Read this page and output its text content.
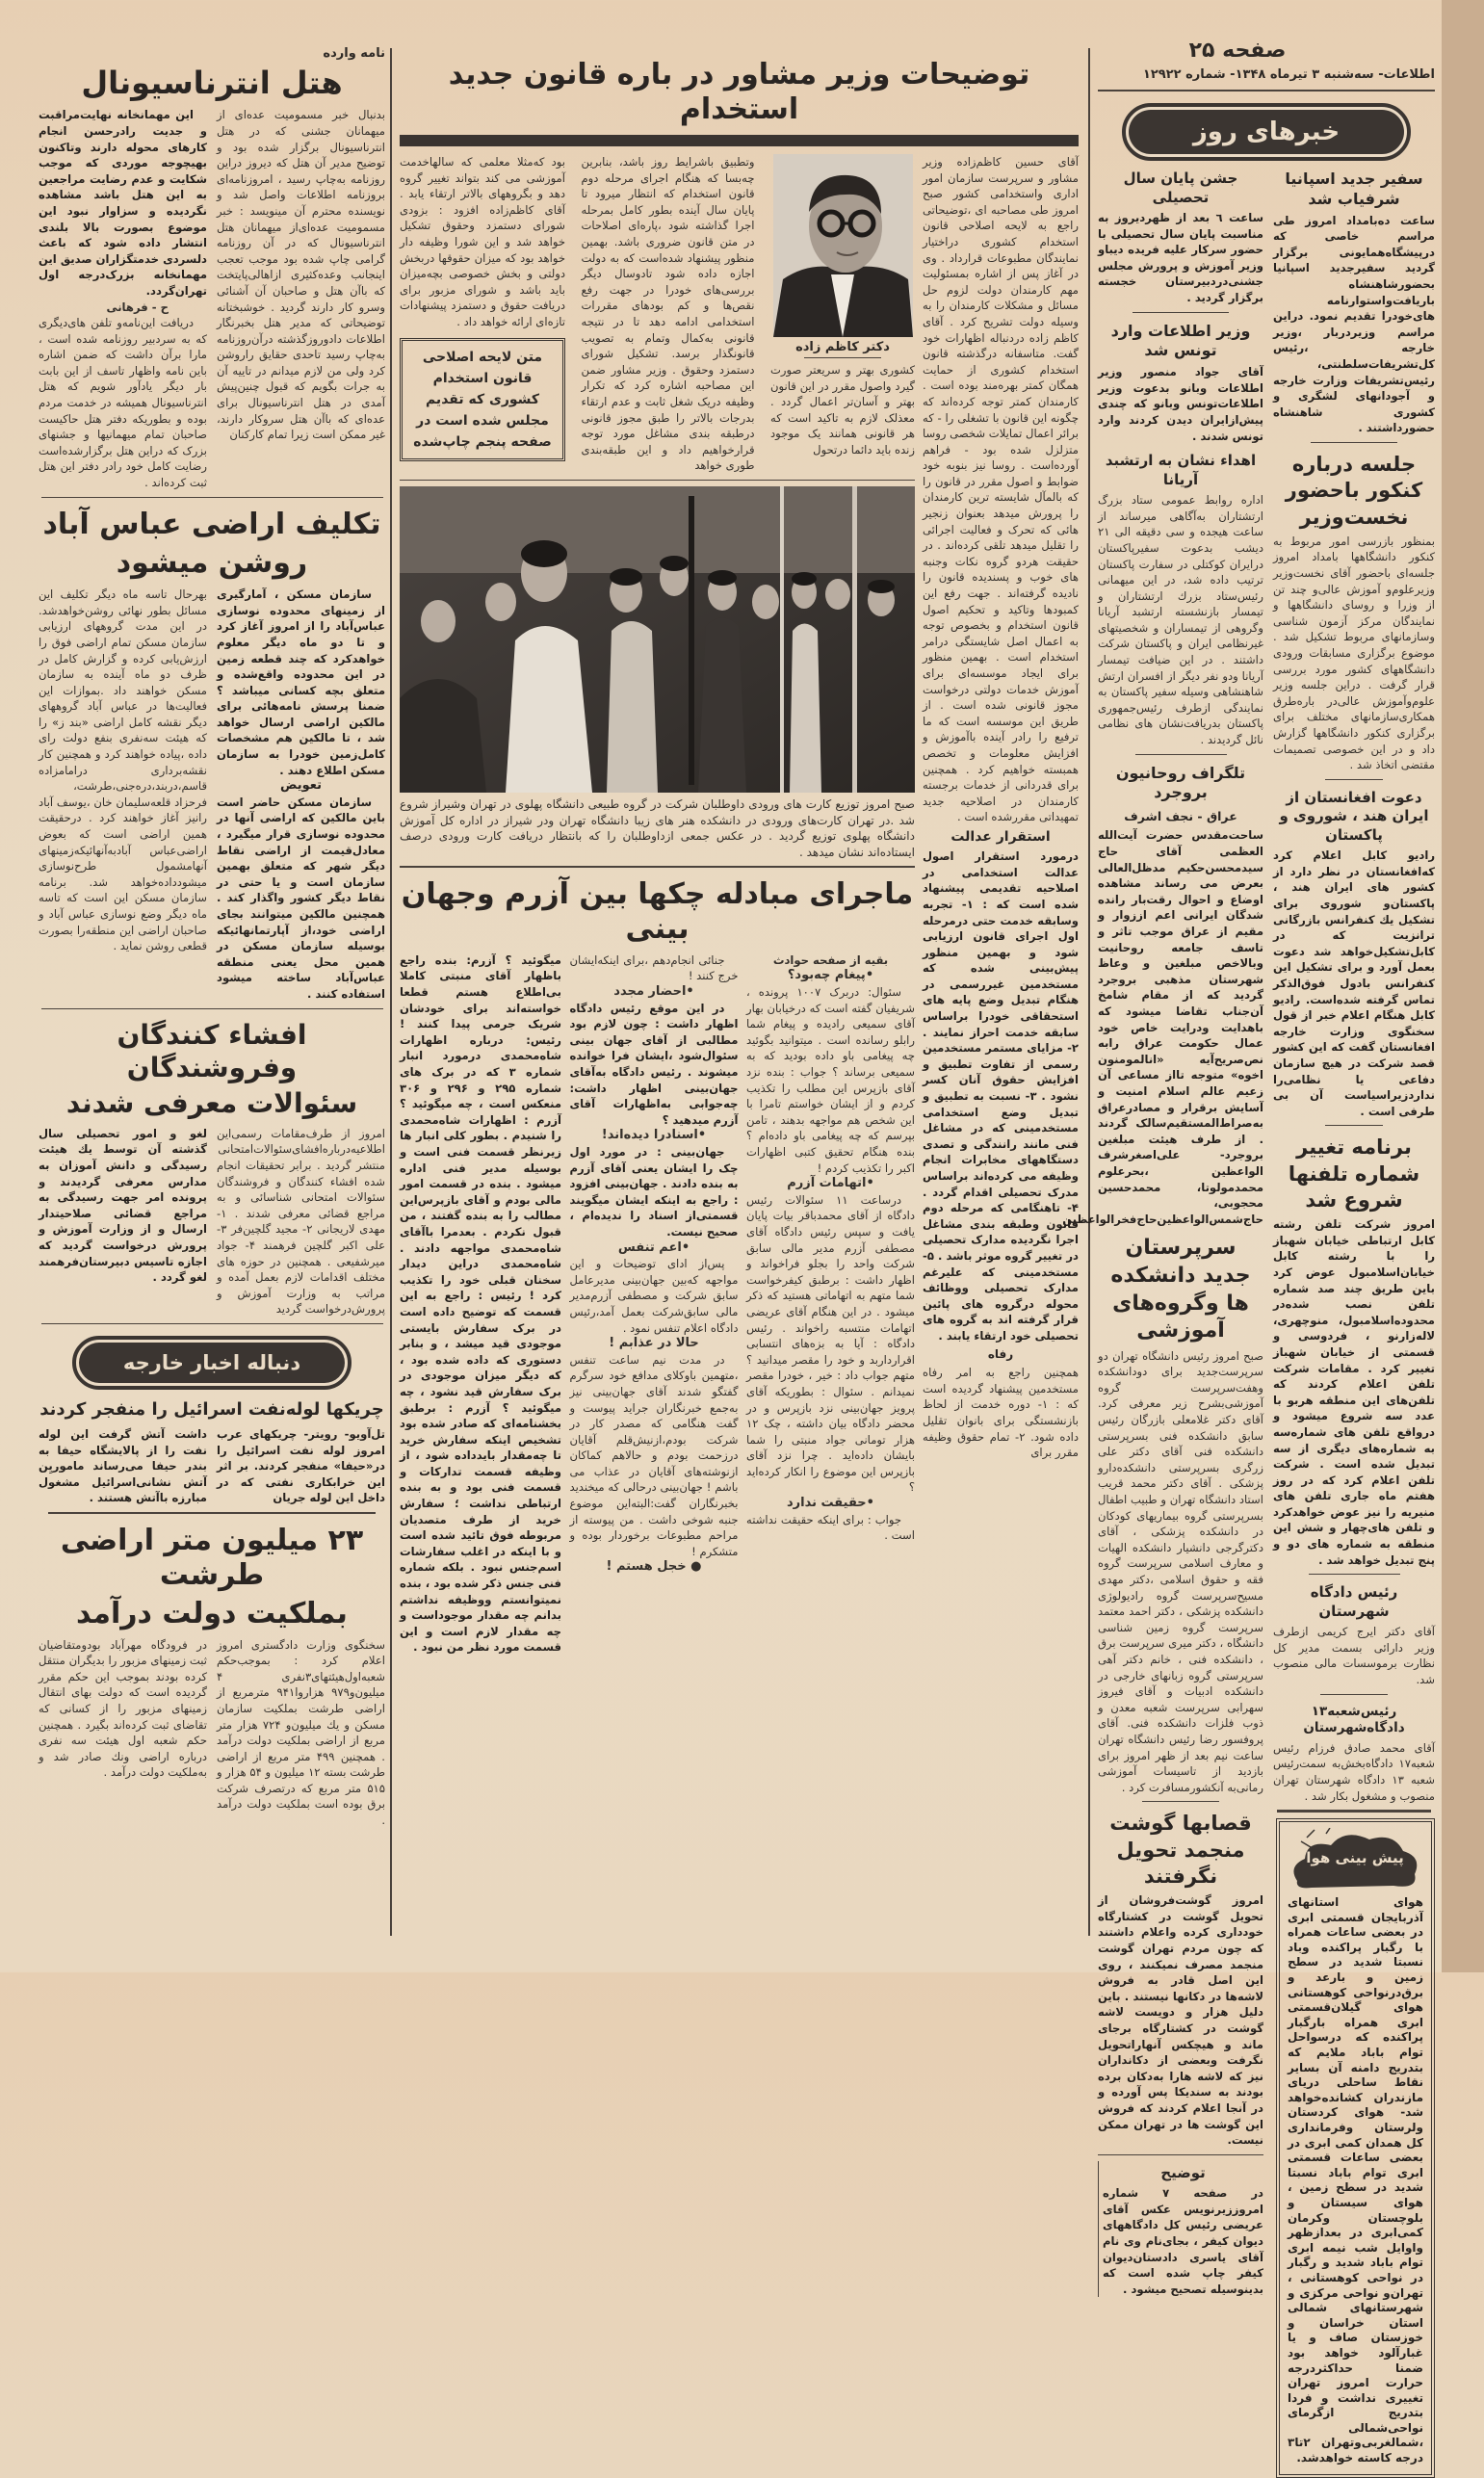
نامه وارده
هتل انترناسیونال
بدنبال خبر مسمومیت عده‌ای از میهمانان جشنی که در هتل انترناسیونال برگزار شده بود و توضیح مدیر آن هتل که دیروز دراین روزنامه به‌چاپ رسید ، امروزنامه‌ای بروزنامه اطلاعات واصل شد و نویسنده محترم آن مینویسد : خبر مسمومیت عده‌ای‌از میهمانان هتل انترناسیونال که در آن روزنامه گرامی چاپ شده بود موجب تعجب اینجانب وعده‌کثیری ازاهالی‌پایتخت که باآن هتل و صاحبان آن آشنائی وسرو کار دارند گردید . خوشبختانه توضیحاتی که مدیر هتل بخبرنگار اطلاعات دادوروزگذشته درآن‌روزنامه به‌چاپ رسید تاحدی حقایق راروشن کرد ولی من لازم میدانم در تاییه آن به جرات بگویم که قبول چنین‌پیش‌ آمدی در هتل انترناسیونال برای عده‌ای که باآن هتل سروکار دارند، غیر ممکن است زیرا تمام کارکنان

این مهمانخانه نهایت‌مراقبت و جدیت رادرحسن انجام کارهای محوله دارند وتاکنون بهیچوجه موردی که موجب شکایت و عدم رضایت مراجعین به این هتل باشد مشاهده نگردیده و سزاوار نبود این موضوع بصورت بالا بلندی انتشار داده شود که باعث دلسردی خدمتگزاران صدیق این مهمانخانه بزرک‌درجه اول تهران‌گردد.

ح - فرهانی

دریافت این‌نامه‌و تلفن های‌دیگری که به سردبیر روزنامه شده است ، مارا برآن داشت که ضمن اشاره باین نامه واظهار تاسف از این بابت بار دیگر یادآور شویم که هتل انترناسیونال همیشه در خدمت مردم بوده و بطوریکه دفتر هتل حاکیست صاحبان تمام میهمانیها و جشنهای بزرک که دراین هتل برگزارشده‌است رضایت کامل خود رادر دفتر این هتل ثبت کرده‌اند .

تکلیف اراضی عباس آباد
روشن میشود

سازمان مسکن ، آمارگیری از زمینهای محدوده نوسازی عباس‌آباد را از امروز آغاز کرد و تا دو ماه دیگر معلوم خواهدکرد که چند قطعه زمین در این محدوده واقع‌شده و متعلق بچه کسانی میباشد ؟ ضمنا پرسش نامه‌هائی برای مالکین اراضی ارسال خواهد شد ، تا مالکین هم مشخصات کامل‌زمین خودرا به سازمان مسکن اطلاع دهند .

تعویض

سازمان مسکن حاضر است باین مالکین که اراضی آنها در محدوده نوسازی قرار میگیرد ، معادل‌قیمت از اراضی نقاط دیگر شهر که متعلق بهمین سازمان است و یا حتی در نقاط دیگر کشور واگذار کند . همچنین مالکین میتوانند بجای اراضی خود،از آپارتمانهائیکه بوسیله سازمان مسکن در همین محل یعنی منطقه عباس‌آباد ساخته میشود استفاده کنند .

بهرحال تاسه ماه دیگر تکلیف این مسائل بطور نهائی روشن‌خواهدشد. در این مدت گروههای ارزیابی سازمان مسکن تمام اراضی فوق را ارزش‌یابی کرده و گزارش کامل در ظرف دو ماه آینده به سازمان مسکن خواهند داد .بموازات این فعالیت‌ها در عباس آباد گروههای دیگر نقشه کامل اراضی «بند ز» را که هیئت سه‌نفری بنفع دولت رای داده ،پیاده خواهند کرد و همچنین کار نقشه‌برداری درامامزاده قاسم،دربند،دره‌جنی،طرشت، فرحزاد قلعه‌سلیمان خان ،یوسف آباد رانیز آغاز خواهند کرد . درحقیقت همین اراضی است که بعوض اراضی‌عباس آبادبه‌آنهائیکه‌زمینهای آنهامشمول طرح‌نوسازی میشودداده‌خواهد شد. برنامه سازمان مسکن این است که تاسه ماه دیگر وضع نوسازی عباس آباد و صاحبان اراضی این منطقه‌را بصورت قطعی روشن نماید .
افشاء کنندگان وفروشندگان
سئوالات معرفی شدند
امروز از طرف‌مقامات رسمی‌این اطلاعیه‌درباره‌افشای‌سئوالات‌امتحانی منتشر گردید . برابر تحقیقات انجام شده افشاء کنندگان و فروشندگان سئوالات امتحانی شناسائی و به مراجع قضائی معرفی شدند . ۱- مهدی لاریجانی ۲- مجید گلچین‌فر ۳- علی اکبر گلچین فرهمند ۴- جواد میرشفیعی . همچنین در حوزه های مختلف اقدامات لازم بعمل آمده و مراتب به وزارت آموزش و پرورش‌درخواست گردید
لغو و امور تحصیلی سال گذشته آن توسط یك هیئت رسیدگی و دانش آموزان به مدارس معرفی گردیدند و پرونده امر جهت رسیدگی به مراجع قضائی صلاحیتدار ارسال و از وزارت آموزش و پرورش درخواست گردید که اجازه تاسیس دبیرستان‌فرهمند لغو گردد .
دنباله اخبار خارجه
چریکها لوله‌نفت اسرائیل را منفجر کردند
تل‌آویو- رویتر- چریکهای عرب امروز لوله نفت اسرائیل را در«حیفا» منفجر کردند. بر اثر این خرابکاری نفتی که در داخل این لوله جریان
داشت آتش گرفت این لوله نفت را از پالایشگاه حیفا به بندر حیفا می‌رساند ماموریِن آتش نشانی‌اسرائیل مشغول مبارزه باآتش هستند .
۲۳ میلیون متر اراضی طرشت
بملکیت دولت درآمد
سخنگوی وزارت دادگستری امروز اعلام کرد : بموجب‌حکم شعبه‌اول‌هیئتهای۳نفری ۴ میلیون‌و۹۷۹ هزاروا۹۴۱ متر‌مربع از اراضی طرشت بملکیت سازمان مسکن و یك میلیون‌و ۷۲۴ هزار متر مربع از اراضی بملکیت دولت درآمد . همچنین ۴۹۹ متر مربع از اراضی طرشت بسته ۱۲ میلیون و ۵۴ هزار و ۵۱۵ متر مربع که درتصرف شرکت برق بوده است بملکیت دولت درآمد .
در فرودگاه مهرآباد بودومتقاضیان ثبت زمینهای مزبور را بدیگران منتقل کرده بودند بموجب این حکم مقرر گردیده است که دولت بهای انتقال زمینهای مزبور را از کسانی که تقاضای ثبت کرده‌اند بگیرد . همچنین حکم شعبه اول هیئت سه نفری درباره اراضی ونك صادر شد و به‌ملکیت دولت درآمد .
توضیحات وزیر مشاور در باره قانون جدید استخدام
آقای حسین کاظم‌زاده وزیر مشاور و سرپرست سازمان امور اداری واستخدامی کشور صبح امروز طی مصاحبه ای ،توضیحاتی راجع به لایحه اصلاحی قانون استخدام کشوری دراختیار نمایندگان مطبوعات قرارداد . وی در آغاز پس از اشاره بمسئولیت مهم کارمندان دولت لزوم حل مسائل و مشکلات کارمندان را به وسیله دولت تشریح کرد . آقای کاظم زاده دردنباله اظهارات خود گفت. متاسفانه درگذشته قانون استخدام کشوری از حمایت همگان کمتر بهره‌مند بوده است . کارمندان کمتر توجه کرده‌اند که چگونه این قانون با تشغلی را - که برائر اعمال تمایلات شخصی روسا متزلزل شده بود - فراهم آورده‌است . روسا نیز بنوبه خود ضوابط و اصول مقرر در قانون را که بالمآل شایسته ترین کارمندان را پرورش میدهد بعنوان زنجیر هائی که تحرک و فعالیت اجرائی را تقلیل میدهد تلقی کرده‌اند . در حقیقت هردو گروه نکات وجنبه های خوب و پسندیده قانون را نادیده گرفته‌اند . جهت رفع این کمبودها وتاکید و تحکیم اصول قانون استخدام و بخصوص توجه به اعمال اصل شایستگی درامر استخدام است . بهمین منظور برای ایجاد موسسه‌ای برای آموزش خدمات دولتی درخواست مجوز قانونی شده است . از طریق این موسسه است که ما ترفیع را رادر آینده باآموزش و افزایش معلومات و تخصص همبسته خواهیم کرد . همچنین برای قدردانی از خدمات برجسته کارمندان در اصلاحیه جدید تمهیداتی مقررشده است .
استقرار عدالت
درمورد استقرار اصول عدالت استخدامی در اصلاحیه تقدیمی پیشنهاد شده است که : ۱- تجربه وسابقه خدمت حتی درمرحله اول اجرای قانون ارزیابی شود و بهمین منظور پیش‌بینی شده که مستخدمین غیررسمی در هنگام تبدیل وضع پایه های استحقاقی خودرا براساس سابقه خدمت احراز نمایند . ۲- مزایای مستمر مستخدمین رسمی از تفاوت تطبیق و افزایش حقوق آنان کسر نشود . ۳- نسبت به تطبیق و تبدیل وضع استخدامی مستخدمینی که در مشاغل فنی مانند رانندگی و تصدی دستگاههای مخابرات انجام وظیفه می کرده‌اند براساس مدرک تحصیلی اقدام گردد . ۴- تاهنگامی که مرحله دوم قانون وطبقه بندی مشاغل اجرا نگردیده مدارک تحصیلی در تغییر گروه موثر باشد . ۵- مستخدمینی که علیرغم مدارک تحصیلی ووظائف محوله درگروه های پائین قرار گرفته اند به گروه های تحصیلی خود ارتقاء یابند .
رفاه
همچنین راجع به امر رفاه مستخدمین پیشنهاد گردیده است که : ۱- دوره خدمت از لحاظ بازنشستگی برای بانوان تقلیل داده شود. ۲- تمام حقوق وظیفه مقرر برای
دکتر کاظم زاده
کشوری بهتر و سریعتر صورت گیرد واصول مقرر در این قانون بهتر و آسان‌تر اعمال گردد . معذلک لازم به تاکید است که هر قانونی همانند یک موجود زنده باید دائما درتحول
وتطبیق باشرایط روز باشد، بنابرین چه‌بسا که هنگام اجرای مرحله دوم قانون استخدام که انتظار میرود تا پایان سال آینده بطور کامل بمرحله اجرا گذاشته شود ،پاره‌ای اصلاحات در متن قانون ضروری باشد. بهمین منظور پیشنهاد شده‌است که به دولت اجازه داده شود تادوسال دیگر بررسی‌های خودرا در جهت رفع نقص‌ها و کم بودهای مقررات استخدامی ادامه دهد تا در نتیجه قانونی به‌کمال وتمام به تصویب قانونگذار برسد. تشکیل شورای دستمزد وحقوق . وزیر مشاور ضمن این مصاحبه اشاره کرد که تکرار وظیفه دریک شغل ثابت و عدم ارتقاء بدرجات بالاتر را طبق مجوز قانونی درطبقه بندی مشاغل مورد توجه قرارخواهیم داد و این طبقه‌بندی طوری خواهد
بود که‌مثلا معلمی که سالهاخدمت آموزشی می کند بتواند تغییر گروه دهد و بگروههای بالاتر ارتقاء یابد . آقای کاظم‌زاده افزود : بزودی شورای دستمزد وحقوق تشکیل خواهد شد و این شورا وظیفه دار خواهد بود که میزان حقوقها دربخش دولتی و بخش خصوصی بچه‌میزان باید باشد و شورای مزبور برای دریافت حقوق و دستمزد پیشنهادات تازه‌ای ارائه خواهد داد .
متن لایحه اصلاحی قانون استخدام کشوری که تقدیم مجلس شده است در صفحه پنجم چاپ‌شده
صبح امروز توزیع کارت های ورودی داوطلبان شرکت در گروه طبیعی دانشگاه پهلوی در تهران وشیراز شروع شد .در تهران کارت‌های ورودی در دانشکده هنر های زیبا دانشگاه تهران ودر شیراز در اداره کل آموزش دانشگاه پهلوی توزیع گردید . در عکس جمعی ازداوطلبان را که بانتظار دریافت کارت ورودی درصف ایستاده‌اند نشان میدهد .
ماجرای مبادله چکها بین آزرم وجهان بینی
بقیه از صفحه حوادث
•پیغام چه‌بود؟

سئوال: دربرک ۱۰۰۷ پرونده ، شریفیان گفته است که درخیابان بهار آقای سمیعی رادیده و پیغام شما رابلو رسانده است . میتوانید بگوئید چه پیغامی باو داده بودید که به سمیعی برساند ؟ جواب : بنده نزد آقای بازپرس این مطلب را تکذیب کردم و از ایشان خواستم تامرا با این شخص هم مواجهه بدهند ، تامن بپرسم که چه پیغامی باو داده‌ام ؟ بنده هنگام تحقیق کتبی اظهارات اکبر را تکذیب کردم !

•اتهامات آزرم

درساعت ۱۱ سئوالات رئیس دادگاه از آقای محمدباقر بیات پایان یافت و سپس رئیس دادگاه آقای مصطفی آزرم مدیر مالی سابق شرکت واحد را بجلو فراخواند و اظهار داشت : برطبق کیفرخواست شما متهم به اتهاماتی هستید که ذکر میشود . در این هنگام آقای عریضی اتهامات منتسبه راخواند . رئیس دادگاه : آیا به بزه‌های انتسابی اقرارداربد و خود را مقصر میدانید ؟ متهم جواب داد : خیر ، خودرا مقصر نمیدانم . سئوال : بطوریکه آقای پرویز جهان‌بینی نزد بازپرس و در محضر دادگاه بیان داشته ، چک ۱۲ هزار تومانی جواد منبتی را شما بایشان داده‌اید . چرا نزد آقای بازپرس این موضوع را انکار کرده‌اید ؟

•حقیقت ندارد

جواب : برای اینکه حقیقت نداشته است .

جنائی انجام‌دهم ،برای اینکه‌ایشان خرج کنند !

•احضار مجدد

در این موقع رئیس دادگاه اظهار داشت : چون لازم بود مطالبی از آقای جهان بینی سئوال‌شود ،ایشان فرا خوانده میشوند . رئیس دادگاه به‌آقای جهان‌بینی اظهار داشت: چه‌جوابی به‌اظهارات آقای آزرم میدهید ؟

•اسنادرا دیده‌اند!

جهان‌بینی : در مورد اول چک را ایشان یعنی آقای آزرم به بنده دادند . جهان‌بینی افزود : راجع به اینکه ایشان میگویند قسمتی‌از اسناد را ندیده‌ام ، صحیح نیست.

•اعم تنفس

پس‌از ادای توضیحات و این مواجهه که‌بین جهان‌بینی مدیرعامل سابق شرکت و مصطفی آزرم‌مدیر مالی سابق‌شرکت بعمل آمد،رئیس دادگاه اعلام تنفس نمود .

حالا در عذابم !

در مدت نیم ساعت تنفس ،متهمین باوکلای مدافع خود سرگرم گفتگو شدند آقای جهان‌بینی نیز به‌جمع خبرنگاران جراید پیوست و گفت هنگامی که مصدر کار در شرکت بودم،ازنیش‌قلم آقایان درزحمت بودم و حالاهم کماکان ازنوشته‌های آقایان در عذاب می باشم ! جهان‌بینی درحالی که میخندید بخبرنگاران گفت:البته‌این موضوع جنبه شوخی داشت . من پیوسته از مراحم مطبوعات برخوردار بوده و متشکرم !

● خجل هستم !
میگوئید ؟ آزرم: بنده راجع باظهار آقای منبتی کاملا بی‌اطلاع هستم قطعا خواسته‌اند برای خودشان شریک جرمی پیدا کنند ! رئیس: درباره اظهارات شاه‌محمدی درمورد انبار شماره ۳ که در برک های شماره ۲۹۵ و ۲۹۶ و ۳۰۶ منعکس است ، چه میگوئید ؟ آزرم : اظهارات شاه‌محمدی را شنیدم . بطور کلی انبار ها زیرنظر قسمت فنی است و بوسیله مدیر فنی اداره میشود . بنده در قسمت امور مالی بودم و آقای بازپرس‌این مطالب را به بنده گفتند ، من قبول نکردم . بعدمرا باآقای شاه‌محمدی مواجهه دادند . شاه‌محمدی دراین دیدار سخنان قبلی خود را تکذیب کرد ! رئیس : راجع به این قسمت که توضیح داده است در برک سفارش بایستی موجودی قید میشد ، و بنابر دستوری که داده شده بود ، که دیگر میزان موجودی در برک سفارش قید نشود ، چه میگوئید ؟ آزرم : برطبق بخشنامه‌ای که صادر شده بود تشخیص اینکه سفارش خرید تا چه‌مقدار بایدداده شود ، از وظیفه قسمت تدارکات و قسمت فنی بود و به بنده ارتباطی نداشت ؛ سفارش خرید از طرف متصدیان مربوطه فوق تائید شده است و با اینکه در اغلب سفارشات اسم‌جنس نبود . بلکه شماره فنی جنس ذکر شده بود ، بنده نمیتوانستم ووظیفه نداشتم بدانم چه مقدار موجوداست و چه مقدار لازم است و این قسمت مورد نظر من نبود .
صفحه ۲۵
اطلاعات- سه‌شنبه ۳ تیرماه ۱۳۴۸- شماره ۱۲۹۲۲
خبرهای روز
سفیر جدید اسپانیا شرفیاب شد
ساعت ده‌بامداد امروز طی مراسم خاصی که درپیشگاه‌همایونی برگزار گردید سفیرجدید اسپانیا بحضورشاهنشاه باریافت‌واستوارنامه های‌خودرا تقدیم نمود. دراین مراسم وزیردربار ،وزیر خارجه ،رئیس کل‌تشریفات‌سلطنتی، رئیس‌تشریفات وزارت خارجه و آجودانهای لشگری و کشوری شاهنشاه حضورداشتند .
جلسه درباره کنکور باحضور نخست‌وزیر
بمنظور بازرسی امور مربوط به کنکور دانشگاهها بامداد امروز جلسه‌ای باحضور آقای نخست‌وزیر وزیرعلوم‌و آموزش عالی‌و چند تن از وزرا و روسای دانشگاهها و نمایندگان مرکز آزمون شناسی وسازمانهای مربوط تشکیل شد . موضوع برگزاری مسابقات ورودی دانشگاههای کشور مورد بررسی قرار گرفت . دراین جلسه وزیر علوم‌وآموزش عالی‌در باره‌طرق همکاری‌سازمانهای مختلف برای برگزاری کنکور دانشگاهها گزارش داد و در این خصوصی تصمیمات مقتضی اتخاذ شد .
دعوت افغانستان از ایران هند ، شوروی و پاکستان
رادیو کابل اعلام کرد که‌افغانستان در نظر دارد از کشور های ایران هند ، پاکستان‌و شوروی برای تشکیل یك کنفرانس بازرگانی ترانزیت که در کابل‌تشکیل‌خواهد شد دعوت بعمل آورد و برای تشکیل این کنفرانس بادول فوق‌الذکر تماس گرفته شده‌است. رادیو کابل هنگام اعلام خبر از قول سخنگوی وزارت خارجه افغانستان گفت که این کشور قصد شرکت در هیچ سازمان دفاعی یا نظامی‌را ندارد‌زیراسیاست آن بی طرفی است .
برنامه تغییر شماره تلفنها شروع شد
امروز شرکت تلفن رشته کابل ارتباطی خیابان شهباز را با رشته کابل خیابان‌اسلامبول عوض کرد باین طریق چند صد شماره تلفن نصب شده‌در محدوده‌اسلامبول، منوچهری، لاله‌زارنو ، فردوسی و قسمتی از خیابان شهباز تغییر کرد . مقامات شرکت تلفن اعلام کردند که تلفن‌های این منطقه هربو با عدد سه شروع میشود و درواقع تلفن های شماره‌سه به شماره‌های دیگری از سه تبدیل شده است . شرکت تلفن اعلام کرد که در روز هفتم ماه جاری تلفن های منیریه را نیز عوض خواهدکرد و تلفن های‌چهار و شش این منطقه به شماره های دو و پنج تبدیل خواهد شد .
رئیس دادگاه شهرستان
آقای دکتر ایرج کریمی ازطرف وزیر دارائی بسمت مدیر کل نظارت برموسسات مالی منصوب شد.
رئیس‌شعبه‌۱۳ دادگاه‌شهرستان
آقای محمد صادق فرزام رئیس شعبه‌۱۷ دادگاه‌بخش‌به سمت‌رئیس شعبه ۱۳ دادگاه شهرستان تهران منصوب و مشغول بکار شد .
پیش بینی هوا
هوای استانهای آذربایجان قسمتی ابری در بعضی ساعات همراه با رگبار پراکنده وباد نسبتا شدید در سطح زمین و بارعد و برق‌درنواحی کوهستانی هوای گیلان‌قسمتی ابری همراه بارگبار پراکنده که درسواحل توام باباد ملایم که بتدریج دامنه آن بسایر نقاط ساحلی دریای مازندران کشانده‌خواهد شد- هوای کردستان ولرستان وفرمانداری کل همدان کمی ابری در بعضی ساعات قسمتی ابری توام باباد نسبتا شدید در سطح زمین ، هوای سیستان و بلوچستان وکرمان کمی‌ابری در بعدازظهر واوایل شب نیمه ابری توام باباد شدید و رگبار در نواحی کوهستانی ، تهران‌و نواحی مرکزی و شهرستانهای شمالی استان خراسان و خوزستان صاف و یا غبارآلود خواهد بود ضمنا حداکثردرجه حرارت امروز تهران تغییری نداشت و فردا بتدریج ازگرمای نواحی‌شمالی ،شمالغربی‌وتهران ۲تا۳ درجه کاسته خواهدشد.
جشن پایان سال تحصیلی
ساعت ٦ بعد از ظهردیروز به مناسبت پایان سال تحصیلی با حضور سرکار علیه فریده دیباو وزیر آموزش و پرورش مجلس جشنی‌دردبیرستان خجسته برگزار گردید .
وزیر اطلاعات وارد تونس شد
آقای جواد منصور وزیر اطلاعات وبانو بدعوت وزیر اطلاعات‌تونس وبانو که چندی پیش‌ازایران دیدن کردند وارد تونس شدند .
اهداء نشان به ارتشبد آریانا
اداره روابط عمومی ستاد بزرگ ارتشتاران به‌آگاهی میرساند از ساعت هیجده و سی دقیقه الی ۲۱ دیشب بدعوت سفیرپاکستان درایران کوکتلی در سفارت پاکستان ترتیب داده شد، در این میهمانی رئیس‌ستاد بزرك ارتشتاران و تیمسار بازنشسته ارتشبد آریانا وگروهی از تیمساران و شخصیتهای غیرنظامی ایران و پاکستان شرکت داشتند . در این ضیافت تیمسار آریانا ودو نفر دیگر از افسران ارتش شاهنشاهی وسیله سفیر پاکستان به نمایندگی ازطرف رئیس‌جمهوری پاکستان بدریافت‌نشان های نظامی نائل گردیدند .
تلگراف روحانیون بروجرد
عراق - نجف اشرف
ساحت‌مقدس حضرت آیت‌الله العظمی آقای حاج سیدمحسن‌حکیم مدظل‌العالی بعرض می رساند مشاهده اوضاع و احوال رقت‌بار رانده شدگان ایرانی اعم اززوار و مقیم از عراق موجب تاثر و تاسف جامعه روحانیت وبالاخص مبلغین و وعاظ شهرستان مذهبی بروجرد گردید که از مقام شامخ آن‌جناب تقاضا میشود که باهدایت ودرایت خاص خود عمال حکومت عراق رابه نص‌صریح‌آیه «انالمومنون اخوه» متوجه تااز مساعی آن زعیم عالم اسلام امنیت و آسایش برقرار و مصادرعراق به‌صراط‌المستقیم‌سالک گردند . از طرف هیئت مبلغین بروجرد- علی‌اصغرشرف الواعظین ،بحرعلوم محمدمولوتا، محمدحسین محجوبی، حاج‌شمس‌الواعظین‌حاج‌فخرالواعظین
سرپرستان جدید دانشکده ها وگروه‌های آموزشی
صبح امروز رئیس دانشگاه تهران دو سرپرست‌جدید برای دودانشکده وهفت‌سرپرست گروه آموزشی‌بشرح زیر معرفی کرد. آقای دکتر غلامعلی بازرگان رئیس سابق دانشکده فنی بسرپرستی دانشکده فنی آقای دکتر علی زرگری بسرپرستی دانشکده‌دارو پزشکی . آقای دکتر محمد قریب استاد دانشگاه تهران و طبیب اطفال بسرپرستی گروه بیماریهای کودکان در دانشکده پزشکی ، آقای دکترگرجی دانشیار دانشکده الهیات و معارف اسلامی سرپرست گروه فقه و حقوق اسلامی ،دکتر مهدی مسیح‌سرپرست گروه رادیولوژی دانشکده پزشکی ، دکتر احمد معتمد سرپرست گروه زمین شناسی دانشگاه ، دکتر میری سرپرست برق ، دانشکده فنی ، خانم دکتر آهی سرپرستی گروه زبانهای خارجی در دانشکده ادبیات و آقای فیروز سهرابی سرپرست شعبه معدن و ذوب فلزات دانشکده فنی. آقای پروفسور رضا رئیس دانشگاه تهران ساعت نیم بعد از ظهر امروز برای بازدید از تاسیسات آموزشی رمانی‌به آنکشورمسافرت کرد .
قصابها گوشت منجمد تحویل نگرفتند
امروز گوشت‌فروشان از تحویل گوشت در کشتارگاه خودداری کرده واعلام داشتند که چون مردم تهران گوشت منجمد مصرف نمیکنند ، روی این اصل قادر به فروش لاشه‌ها در دکانها نیستند . باین دلیل هزار و دویست لاشه گوشت در کشتارگاه برجای ماند و هیچکس آنهارا‌تحویل نگرفت وبعضی از دکانداران نیز که لاشه هارا به‌دکان برده بودند به سندیکا پس آورده و در آنجا اعلام کردند که فروش این گوشت ها در تهران ممکن نیست.
توضیح
در صفحه ۷ شماره امروززیرنویس عکس آقای عریضی رئیس کل دادگاههای دیوان کیفر ، بجای‌نام وی نام آقای یاسری دادستان‌دیوان کیفر چاپ شده است که بدینوسیله تصحیح میشود .
